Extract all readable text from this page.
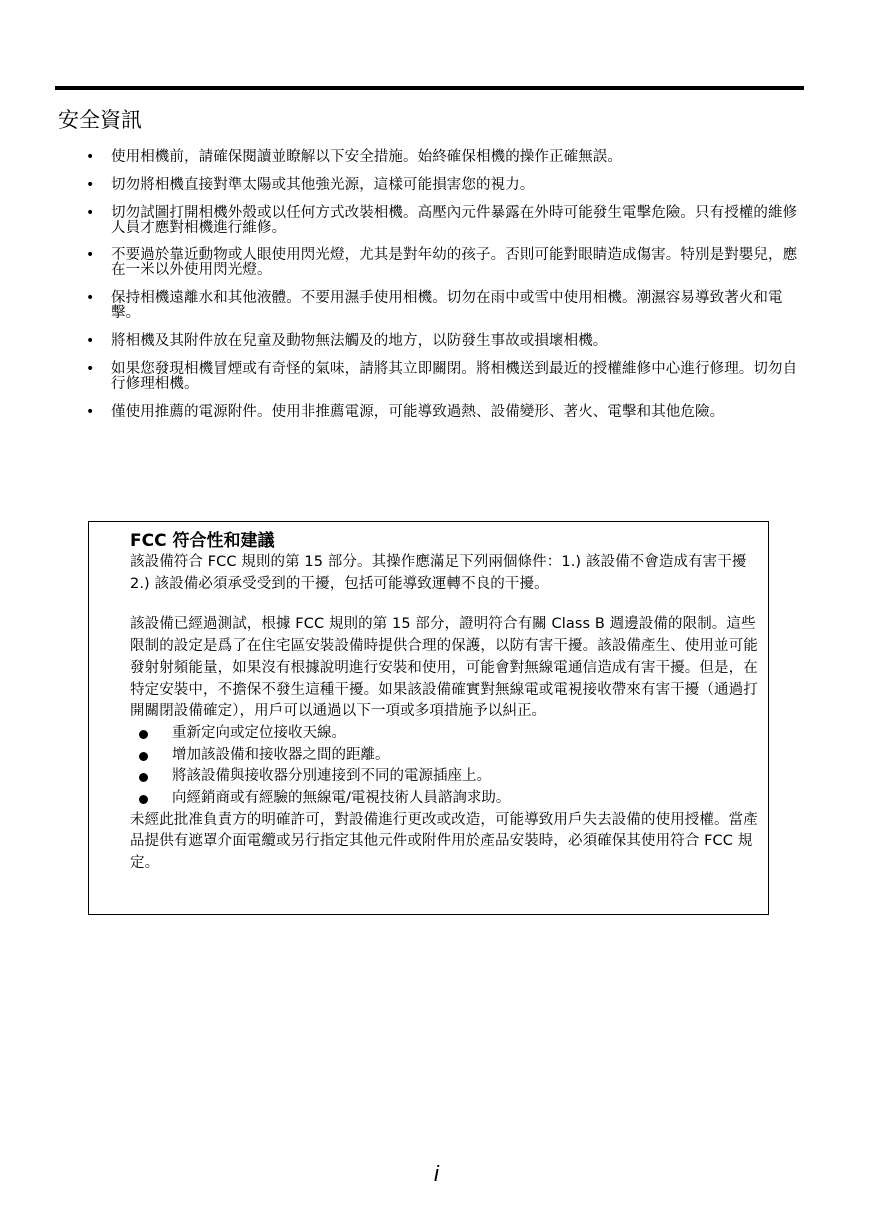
安全資訊
• 使用相機前，請確保閱讀並瞭解以下安全措施。始終確保相機的操作正確無誤。
• 切勿將相機直接對準太陽或其他強光源，這樣可能損害您的視力。
• 切勿試圖打開相機外殼或以任何方式改裝相機。高壓內元件暴露在外時可能發生電擊危險。只有授權的維修人員才應對相機進行維修。
• 不要過於靠近動物或人眼使用閃光燈，尤其是對年幼的孩子。否則可能對眼睛造成傷害。特別是對嬰兒，應在一米以外使用閃光燈。
• 保持相機遠離水和其他液體。不要用濕手使用相機。切勿在雨中或雪中使用相機。潮濕容易導致著火和電擊。
• 將相機及其附件放在兒童及動物無法觸及的地方，以防發生事故或損壞相機。
• 如果您發現相機冒煙或有奇怪的氣味，請將其立即關閉。將相機送到最近的授權維修中心進行修理。切勿自行修理相機。
• 僅使用推薦的電源附件。使用非推薦電源，可能導致過熱、設備變形、著火、電擊和其他危險。
FCC 符合性和建議

該設備符合 FCC 規則的第 15 部分。其操作應滿足下列兩個條件：1.) 該設備不會造成有害干擾 2.) 該設備必須承受受到的干擾，包括可能導致運轉不良的干擾。

該設備已經過測試，根據 FCC 規則的第 15 部分，證明符合有關 Class B 週邊設備的限制。這些限制的設定是爲了在住宅區安裝設備時提供合理的保護，以防有害干擾。該設備產生、使用並可能發射射頻能量，如果沒有根據說明進行安裝和使用，可能會對無線電通信造成有害干擾。但是，在特定安裝中，不擔保不發生這種干擾。如果該設備確實對無線電或電視接收帶來有害干擾（通過打開關閉設備確定），用戶可以通過以下一項或多項措施予以糾正。

重新定向或定位接收天線。
增加該設備和接收器之間的距離。
將該設備與接收器分別連接到不同的電源插座上。
向經銷商或有經驗的無線電/電視技術人員諮詢求助。

未經此批准負責方的明確許可，對設備進行更改或改造，可能導致用戶失去設備的使用授權。當產品提供有遮罩介面電纜或另行指定其他元件或附件用於產品安裝時，必須確保其使用符合 FCC 規定。

i
